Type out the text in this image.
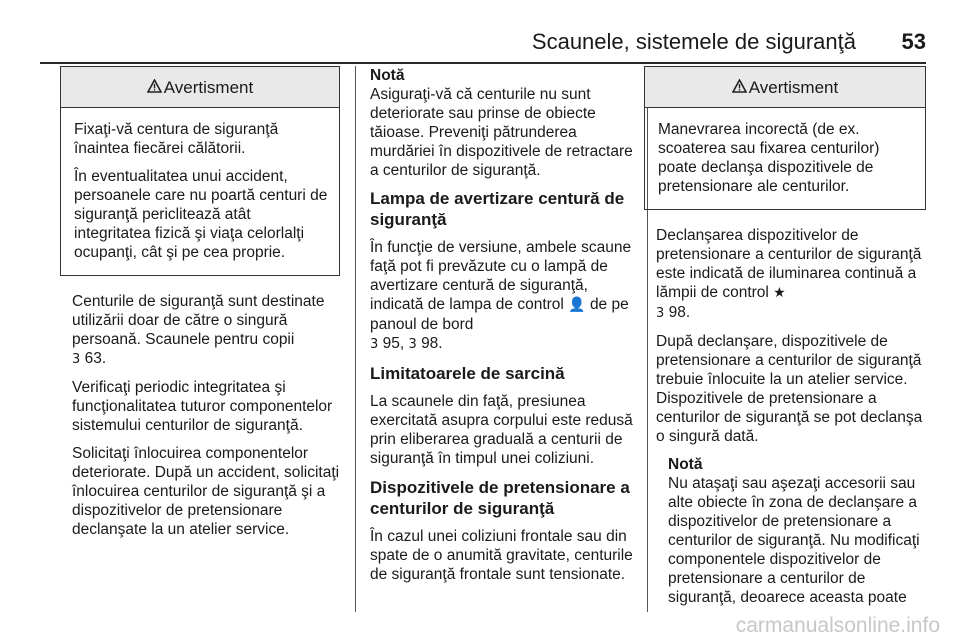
Scaunele, sistemele de siguranţă 53
Avertisment

Fixaţi-vă centura de siguranţă înaintea fiecărei călătorii.

În eventualitatea unui accident, persoanele care nu poartă centuri de siguranţă periclitează atât integritatea fizică şi viaţa celorlalţi ocupanţi, cât şi pe cea proprie.

Centurile de siguranţă sunt destinate utilizării doar de către o singură persoană. Scaunele pentru copii
3 63.

Verificaţi periodic integritatea şi funcţionalitatea tuturor componentelor sistemului centurilor de siguranţă.

Solicitaţi înlocuirea componentelor deteriorate. După un accident, solicitaţi înlocuirea centurilor de siguranţă şi a dispozitivelor de pretensionare declanşate la un atelier service.

Notă
Asiguraţi-vă că centurile nu sunt deteriorate sau prinse de obiecte tăioase. Preveniţi pătrunderea murdăriei în dispozitivele de retractare a centurilor de siguranţă.
Lampa de avertizare centură de siguranţă

În funcţie de versiune, ambele scaune faţă pot fi prevăzute cu o lampă de avertizare centură de siguranţă, indicată de lampa de control 👤 de pe panoul de bord
3 95, 3 98.

Limitatoarele de sarcină

La scaunele din faţă, presiunea exercitată asupra corpului este redusă prin eliberarea graduală a centurii de siguranţă în timpul unei coliziuni.

Dispozitivele de pretensionare a centurilor de siguranţă

În cazul unei coliziuni frontale sau din spate de o anumită gravitate, centurile de siguranţă frontale sunt tensionate.

Avertisment

Manevrarea incorectă (de ex. scoaterea sau fixarea centurilor) poate declanşa dispozitivele de pretensionare ale centurilor.

Declanşarea dispozitivelor de pretensionare a centurilor de siguranţă este indicată de iluminarea continuă a lămpii de control ★
3 98.

După declanşare, dispozitivele de pretensionare a centurilor de siguranţă trebuie înlocuite la un atelier service. Dispozitivele de pretensionare a centurilor de siguranţă se pot declanşa o singură dată.

Notă
Nu ataşaţi sau aşezaţi accesorii sau alte obiecte în zona de declanşare a dispozitivelor de pretensionare a centurilor de siguranţă. Nu modificaţi componentele dispozitivelor de pretensionare a centurilor de siguranţă, deoarece aceasta poate
carmanualsonline.info
